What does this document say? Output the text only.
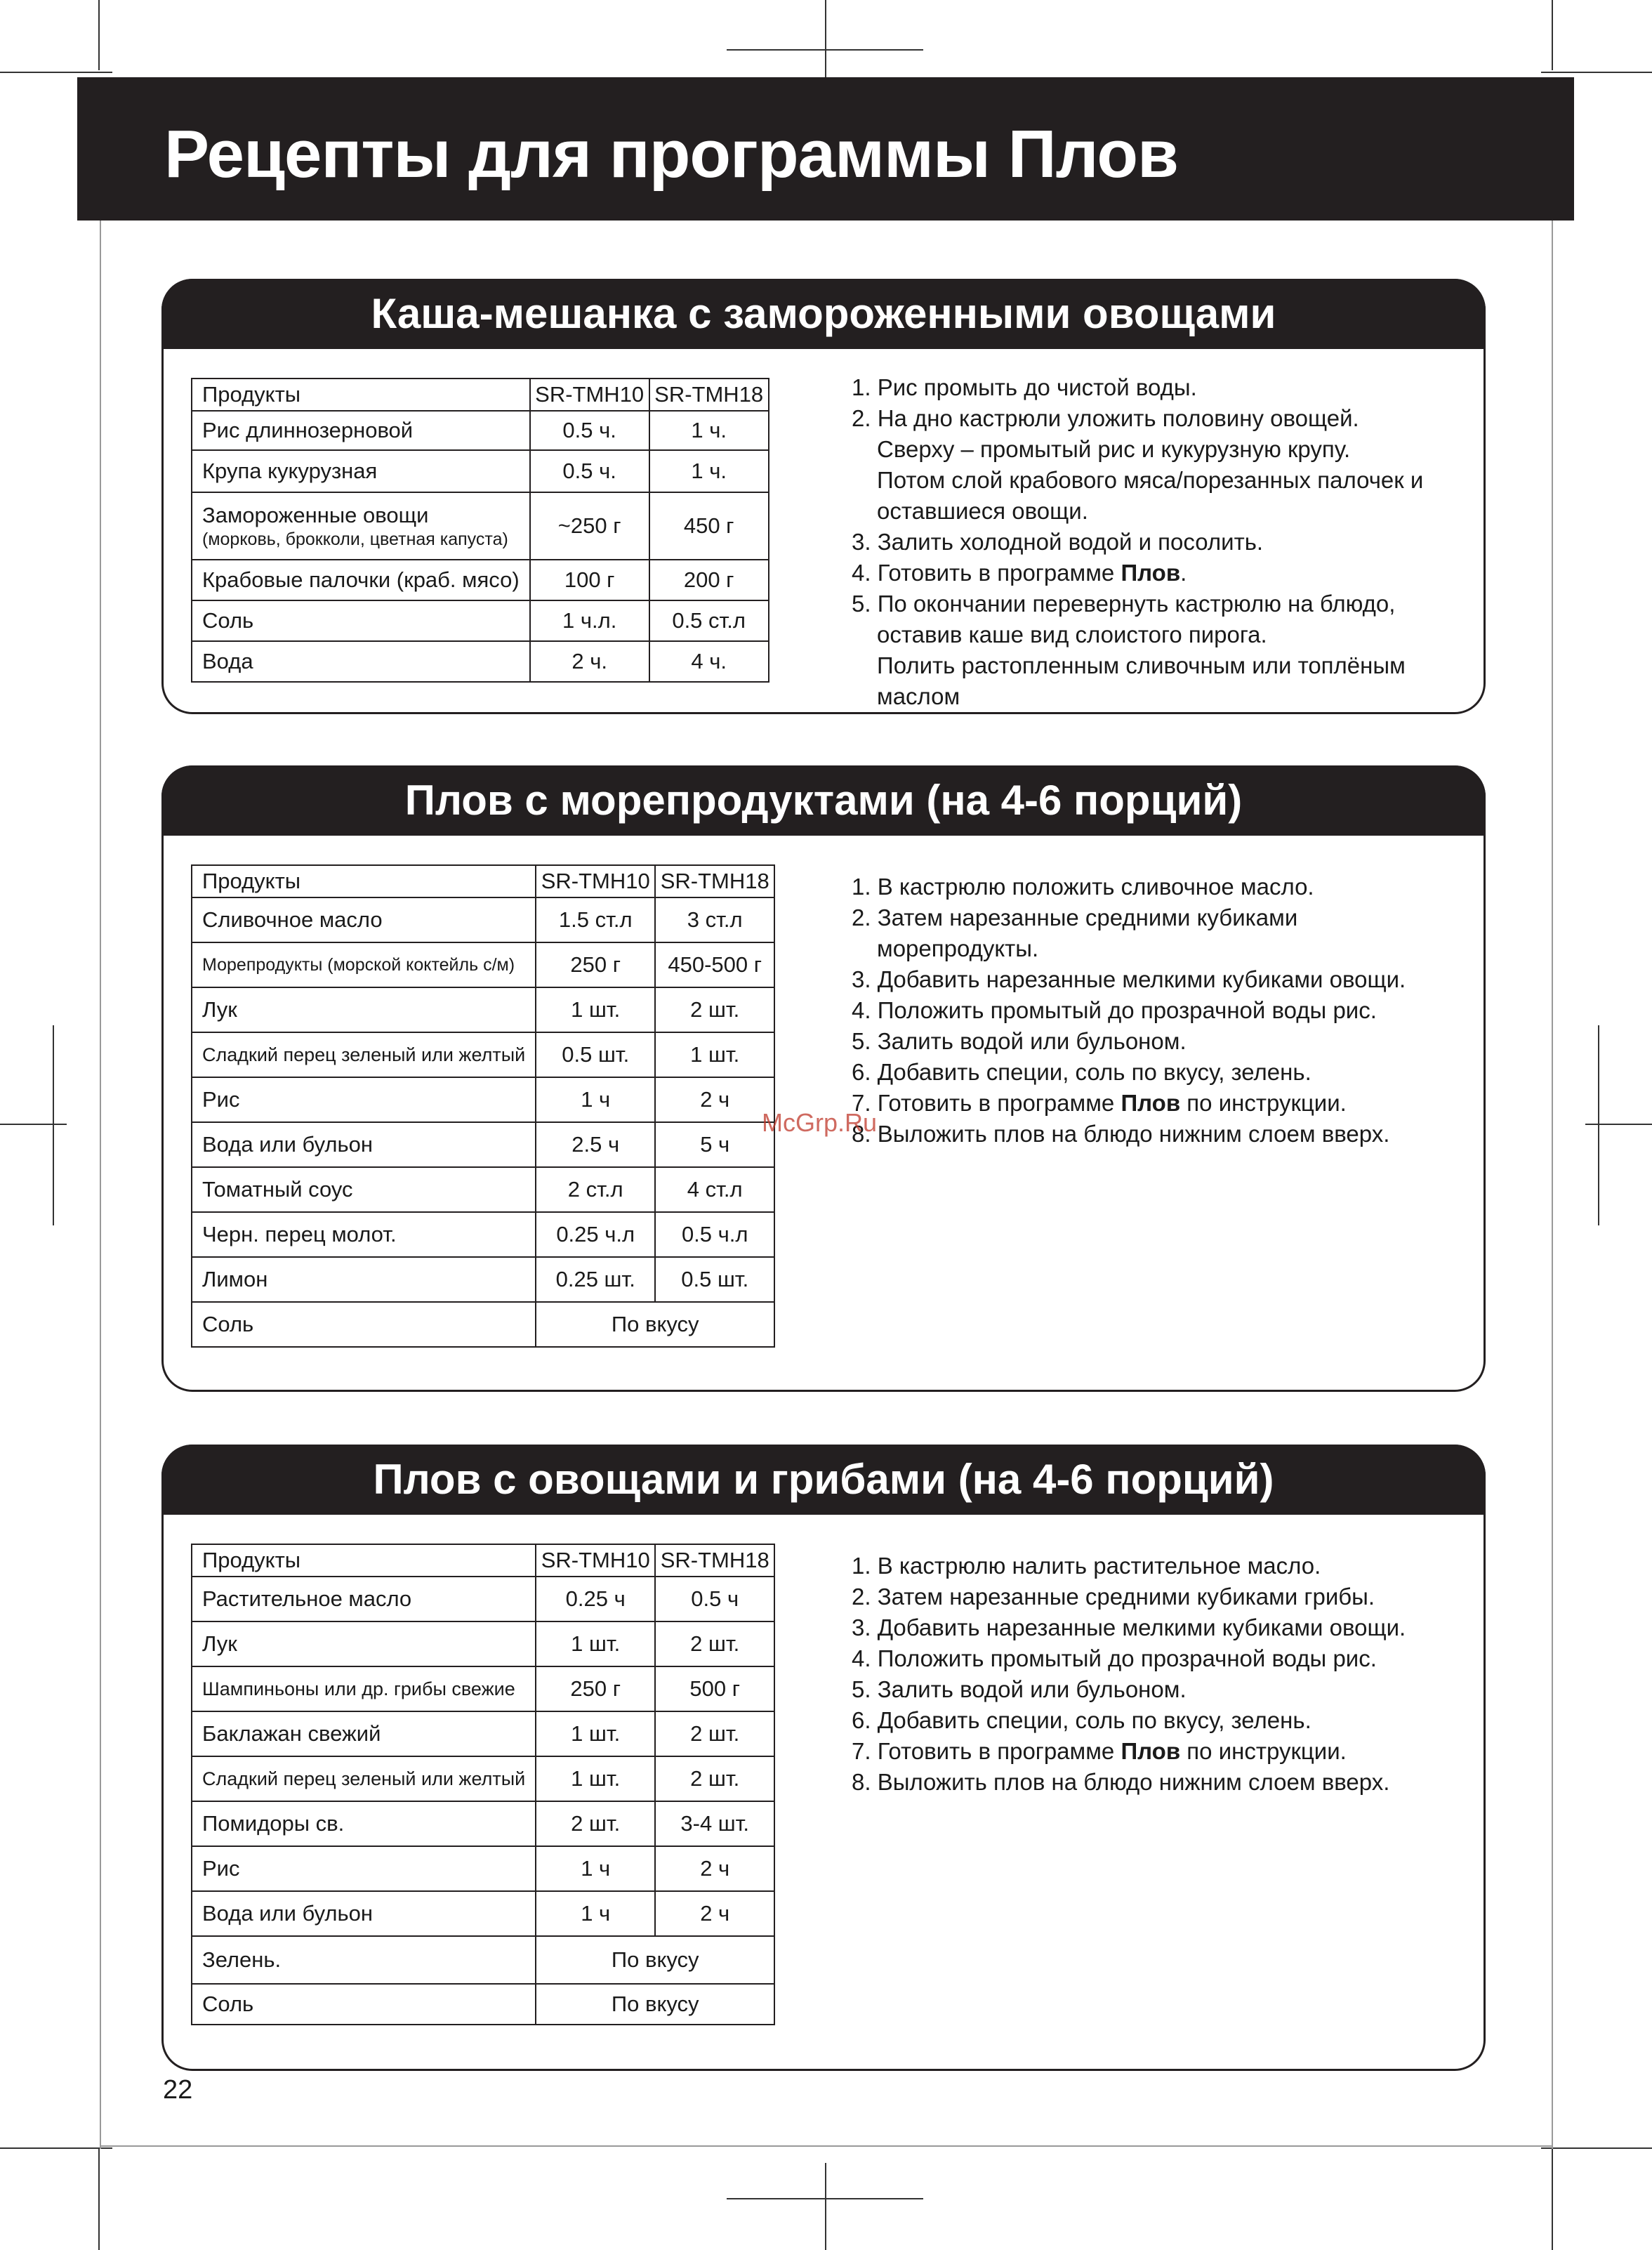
Рецепты для программы Плов
Каша-мешанка с замороженными овощами
Продукты	SR-TMH10	SR-TMH18
Рис длиннозерновой	0.5 ч.	1 ч.
Крупа кукурузная	0.5 ч.	1 ч.

Замороженные овощи
(морковь, брокколи, цветная капуста)	~250 г	450 г
Крабовые палочки (краб. мясо)	100 г	200 г
Соль	1 ч.л.	0.5 ст.л
Вода	2 ч.	4 ч.
1. Рис промыть до чистой воды.
2. На дно кастрюли уложить половину овощей.
Сверху – промытый рис и кукурузную крупу.
Потом слой крабового мяса/порезанных палочек и
оставшиеся овощи.
3. Залить холодной водой и посолить.
4. Готовить в программе Плов.
5. По окончании перевернуть кастрюлю на блюдо,
оставив каше вид слоистого пирога.
Полить растопленным сливочным или топлёным
маслом
Плов с морепродуктами (на 4-6 порций)
Продукты	SR-TMH10	SR-TMH18
Сливочное масло	1.5 ст.л	3 ст.л
Морепродукты (морской коктейль с/м)	250 г	450-500 г
Лук	1 шт.	2 шт.
Сладкий перец зеленый или желтый	0.5 шт.	1 шт.
Рис	1 ч	2 ч
Вода или бульон	2.5 ч	5 ч
Томатный соус	2 ст.л	4 ст.л
Черн. перец молот.	0.25 ч.л	0.5 ч.л
Лимон	0.25 шт.	0.5 шт.
Соль	По вкусу	
1. В кастрюлю положить сливочное масло.
2. Затем нарезанные средними кубиками
морепродукты.
3. Добавить нарезанные мелкими кубиками овощи.
4. Положить промытый до прозрачной воды рис.
5. Залить водой или бульоном.
6. Добавить специи, соль по вкусу, зелень.
7. Готовить в программе Плов по инструкции.
8. Выложить плов на блюдо нижним слоем вверх.
Плов с овощами и грибами (на 4-6 порций)
Продукты	SR-TMH10	SR-TMH18
Растительное масло	0.25 ч	0.5 ч
Лук	1 шт.	2 шт.
Шампиньоны или др. грибы свежие	250 г	500 г
Баклажан свежий	1 шт.	2 шт.
Сладкий перец зеленый или желтый	1 шт.	2 шт.
Помидоры св.	2 шт.	3-4 шт.
Рис	1 ч	2 ч
Вода или бульон	1 ч	2 ч
Зелень.	По вкусу	
Соль	По вкусу	
1. В кастрюлю налить растительное масло.
2. Затем нарезанные средними кубиками грибы.
3. Добавить нарезанные мелкими кубиками овощи.
4. Положить промытый до прозрачной воды рис.
5. Залить водой или бульоном.
6. Добавить специи, соль по вкусу, зелень.
7. Готовить в программе Плов по инструкции.
8. Выложить плов на блюдо нижним слоем вверх.
McGrp.Ru
22
